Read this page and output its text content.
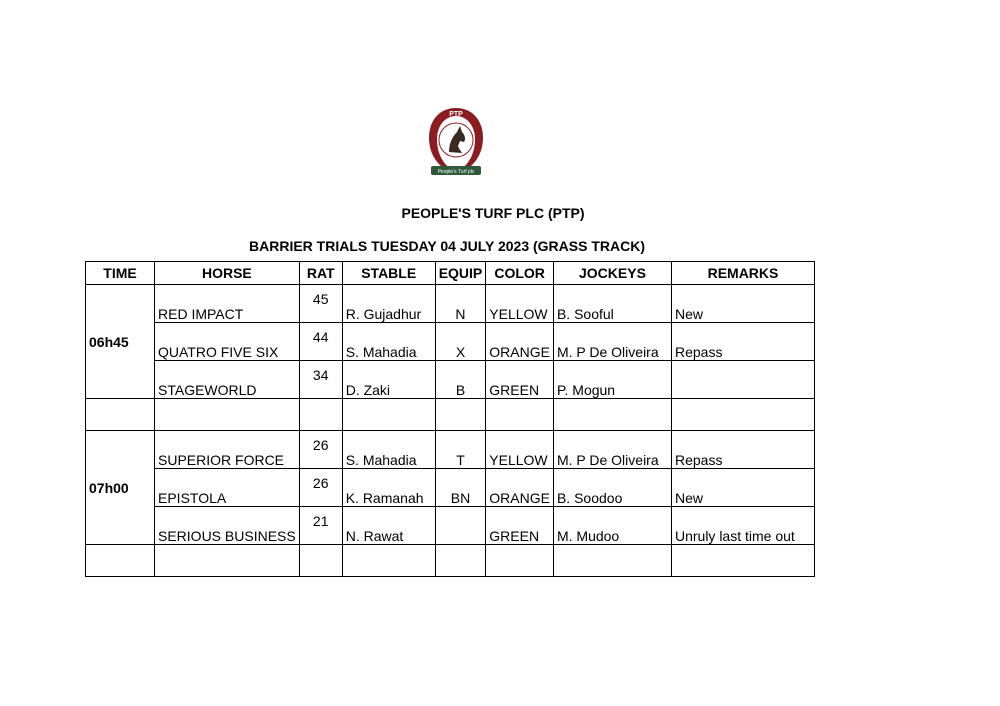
PTP
People's Turf plc
PEOPLE'S TURF PLC (PTP)
BARRIER TRIALS TUESDAY 04 JULY 2023 (GRASS TRACK)
TIME	HORSE	RAT	STABLE	EQUIP	COLOR	JOCKEYS	REMARKS
06h45	RED IMPACT	45	R. Gujadhur	N	YELLOW	B. Sooful	New
	QUATRO FIVE SIX	44	S. Mahadia	X	ORANGE	M. P De Oliveira	Repass
	STAGEWORLD	34	D. Zaki	B	GREEN	P. Mogun	

07h00	SUPERIOR FORCE	26	S. Mahadia	T	YELLOW	M. P De Oliveira	Repass
	EPISTOLA	26	K. Ramanah	BN	ORANGE	B. Soodoo	New
	SERIOUS BUSINESS	21	N. Rawat		GREEN	M. Mudoo	Unruly last time out
